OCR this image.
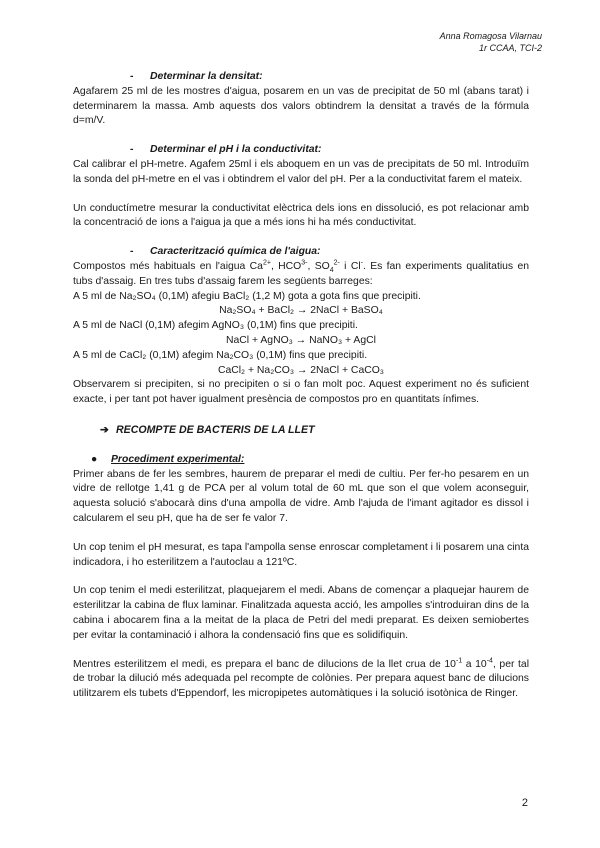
Anna Romagosa Vilarnau
1r CCAA, TCI-2

- Determinar la densitat:

Agafarem 25 ml de les mostres d'aigua, posarem en un vas de precipitat de 50 ml (abans tarat) i determinarem la massa. Amb aquests dos valors obtindrem la densitat a través de la fórmula d=m/V.

- Determinar el pH i la conductivitat:

Cal calibrar el pH-metre. Agafem 25ml i els aboquem en un vas de precipitats de 50 ml. Introduïm la sonda del pH-metre en el vas i obtindrem el valor del pH. Per a la conductivitat farem el mateix.

Un conductímetre mesurar la conductivitat elèctrica dels ions en dissolució, es pot relacionar amb la concentració de ions a l'aigua ja que a més ions hi ha més conductivitat.

- Caracterització química de l'aigua:

Compostos més habituals en l'aigua $Ca^{2+}$, $HCO^{3-}$, $SO_4^{2-}$ i Cl-. Es fan experiments qualitatius en tubs d'assaig. En tres tubs d'assaig farem les següents barreges:

A 5 ml de Na₂SO₄ (0,1M) afegiu BaCl₂ (1,2 M) gota a gota fins que precipiti.

Na₂SO₄ + BaCl₂ → 2NaCl + BaSO₄

A 5 ml de NaCl (0,1M) afegim AgNO₃ (0,1M) fins que precipiti.

NaCl + AgNO₃ → NaNO₃ + AgCl

A 5 ml de CaCl₂ (0,1M) afegim Na₂CO₃ (0,1M) fins que precipiti.

CaCl₂ + Na₂CO₃ → 2NaCl + CaCO₃

Observarem si precipiten, si no precipiten o si o fan molt poc. Aquest experiment no és suficient exacte, i per tant pot haver igualment presència de compostos pro en quantitats ínfimes.

➔ RECOMPTE DE BACTERIS DE LA LLET

● Procediment experimental:

Primer abans de fer les sembres, haurem de preparar el medi de cultiu. Per fer-ho pesarem en un vidre de rellotge 1,41 g de PCA per al volum total de 60 mL que son el que volem aconseguir, aquesta solució s'abocarà dins d'una ampolla de vidre. Amb l'ajuda de l'imant agitador es dissol i calcularem el seu pH, que ha de ser fe valor 7.

Un cop tenim el pH mesurat, es tapa l'ampolla sense enroscar completament i li posarem una cinta indicadora, i ho esterilitzem a l'autoclau a 121ºC.

Un cop tenim el medi esterilitzat, plaquejarem el medi. Abans de començar a plaquejar haurem de esterilitzar la cabina de flux laminar. Finalitzada aquesta acció, les ampolles s'introduiran dins de la cabina i abocarem fina a la meitat de la placa de Petri del medi preparat. Es deixen semiobertes per evitar la contaminació i alhora la condensació fins que es solidifiquin.

Mentres esterilitzem el medi, es prepara el banc de dilucions de la llet crua de $10^{-1}$ a $10^{-4}$, per tal de trobar la dilució més adequada pel recompte de colònies. Per prepara aquest banc de dilucions utilitzarem els tubets d'Eppendorf, les micropipetes automàtiques i la solució isotònica de Ringer.

2
